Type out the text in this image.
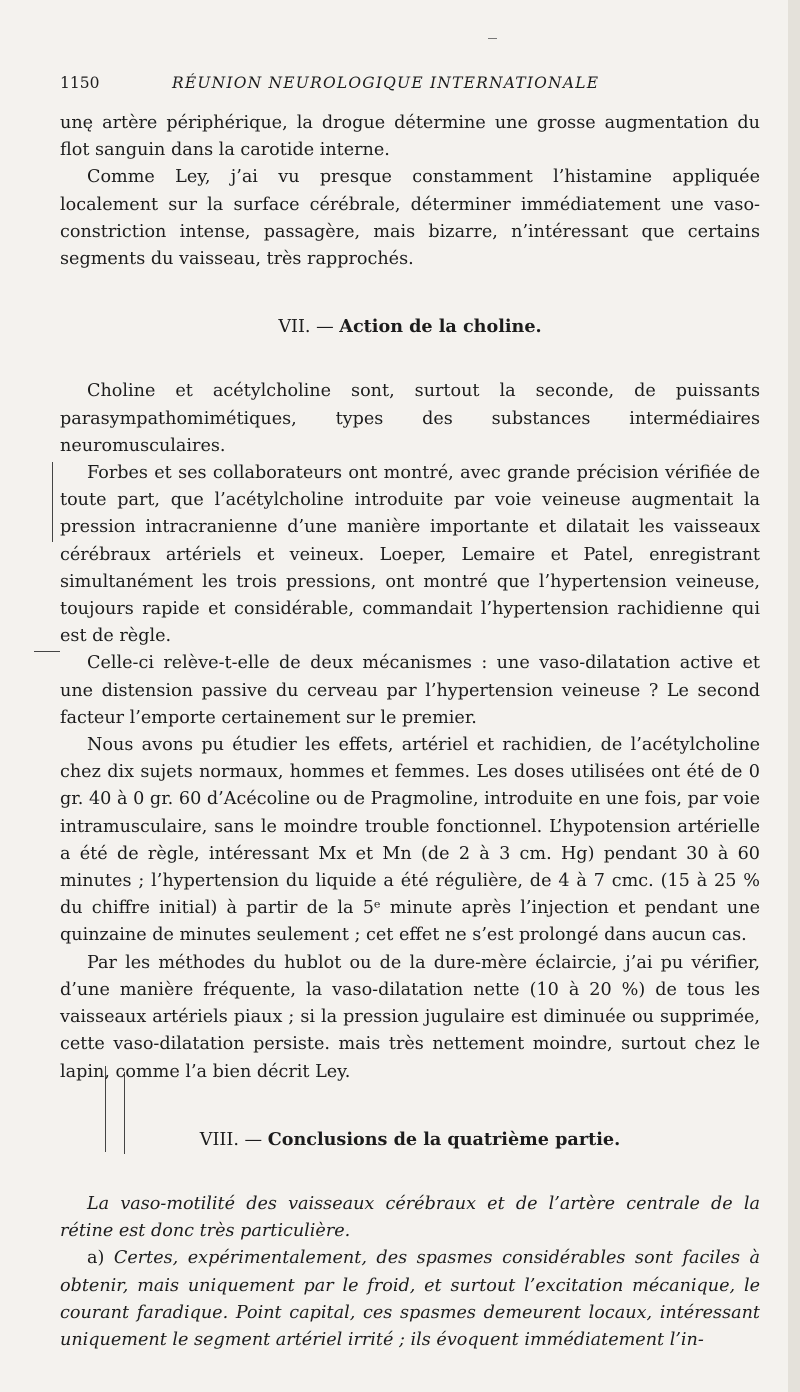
1150	RÉUNION NEUROLOGIQUE INTERNATIONALE

unę artère périphérique, la drogue détermine une grosse augmentation du flot sanguin dans la carotide interne.

Comme Ley, j’ai vu presque constamment l’histamine appliquée localement sur la surface cérébrale, déterminer immédiatement une vaso-constriction intense, passagère, mais bizarre, n’intéressant que certains segments du vaisseau, très rapprochés.

VII. — Action de la choline.

Choline et acétylcholine sont, surtout la seconde, de puissants parasympathomimétiques, types des substances intermédiaires neuromusculaires.

Forbes et ses collaborateurs ont montré, avec grande précision vérifiée de toute part, que l’acétylcholine introduite par voie veineuse augmentait la pression intracranienne d’une manière importante et dilatait les vaisseaux cérébraux artériels et veineux. Loeper, Lemaire et Patel, enregistrant simultanément les trois pressions, ont montré que l’hypertension veineuse, toujours rapide et considérable, commandait l’hypertension rachidienne qui est de règle.

Celle-ci relève-t-elle de deux mécanismes : une vaso-dilatation active et une distension passive du cerveau par l’hypertension veineuse ? Le second facteur l’emporte certainement sur le premier.

Nous avons pu étudier les effets, artériel et rachidien, de l’acétylcholine chez dix sujets normaux, hommes et femmes. Les doses utilisées ont été de 0 gr. 40 à 0 gr. 60 d’Acécoline ou de Pragmoline, introduite en une fois, par voie intramusculaire, sans le moindre trouble fonctionnel. L’hypotension artérielle a été de règle, intéressant Mx et Mn (de 2 à 3 cm. Hg) pendant 30 à 60 minutes ; l’hypertension du liquide a été régulière, de 4 à 7 cmc. (15 à 25 % du chiffre initial) à partir de la 5ᵉ minute après l’injection et pendant une quinzaine de minutes seulement ; cet effet ne s’est prolongé dans aucun cas.

Par les méthodes du hublot ou de la dure-mère éclaircie, j’ai pu vérifier, d’une manière fréquente, la vaso-dilatation nette (10 à 20 %) de tous les vaisseaux artériels piaux ; si la pression jugulaire est diminuée ou supprimée, cette vaso-dilatation persiste. mais très nettement moindre, surtout chez le lapin, comme l’a bien décrit Ley.

VIII. — Conclusions de la quatrième partie.

La vaso-motilité des vaisseaux cérébraux et de l’artère centrale de la rétine est donc très particulière.

a) Certes, expérimentalement, des spasmes considérables sont faciles à obtenir, mais uniquement par le froid, et surtout l’excitation mécanique, le courant faradique. Point capital, ces spasmes demeurent locaux, intéressant uniquement le segment artériel irrité ; ils évoquent immédiatement l’in-
